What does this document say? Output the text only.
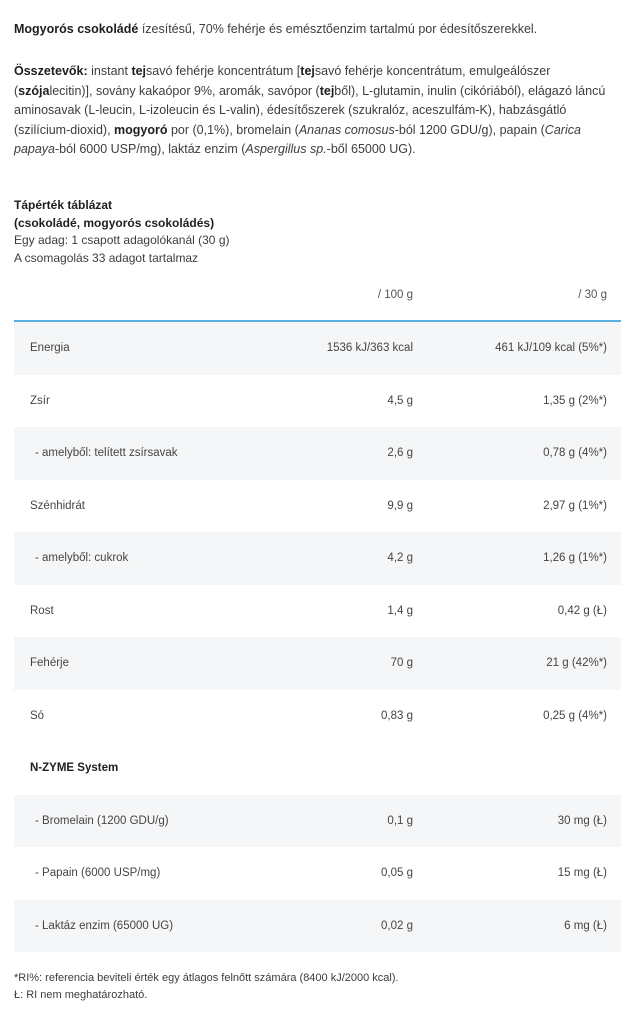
Mogyorós csokoládé ízesítésű, 70% fehérje és emésztőenzim tartalmú por édesítőszerekkel.

Összetevők: instant tejsavó fehérje koncentrátum [tejsavó fehérje koncentrátum, emulgeálószer (szójalecitin)], sovány kakaópor 9%, aromák, savópor (tejből), L-glutamin, inulin (cikóriából), elágazó láncú aminosavak (L-leucin, L-izoleucin és L-valin), édesítőszerek (szukralóz, aceszulfám-K), habzásgátló (szilícium-dioxid), mogyoró por (0,1%), bromelain (Ananas comosus-ból 1200 GDU/g), papain (Carica papaya-ból 6000 USP/mg), laktáz enzim (Aspergillus sp.-ből 65000 UG).

Tápérték táblázat
(csokoládé, mogyorós csokoládés)
Egy adag: 1 csapott adagolókanál (30 g)
A csomagolás 33 adagot tartalmaz
/ 100 g	/ 30 g
Energia	1536 kJ/363 kcal	461 kJ/109 kcal (5%*)
Zsír	4,5 g	1,35 g (2%*)
- amelyből: telített zsírsavak	2,6 g	0,78 g (4%*)
Szénhidrát	9,9 g	2,97 g (1%*)
- amelyből: cukrok	4,2 g	1,26 g (1%*)
Rost	1,4 g	0,42 g (Ł)
Fehérje	70 g	21 g (42%*)
Só	0,83 g	0,25 g (4%*)
N-ZYME System
- Bromelain (1200 GDU/g)	0,1 g	30 mg (Ł)
- Papain (6000 USP/mg)	0,05 g	15 mg (Ł)
- Laktáz enzim (65000 UG)	0,02 g	6 mg (Ł)
*RI%: referencia beviteli érték egy átlagos felnőtt számára (8400 kJ/2000 kcal).
Ł: RI nem meghatározható.
